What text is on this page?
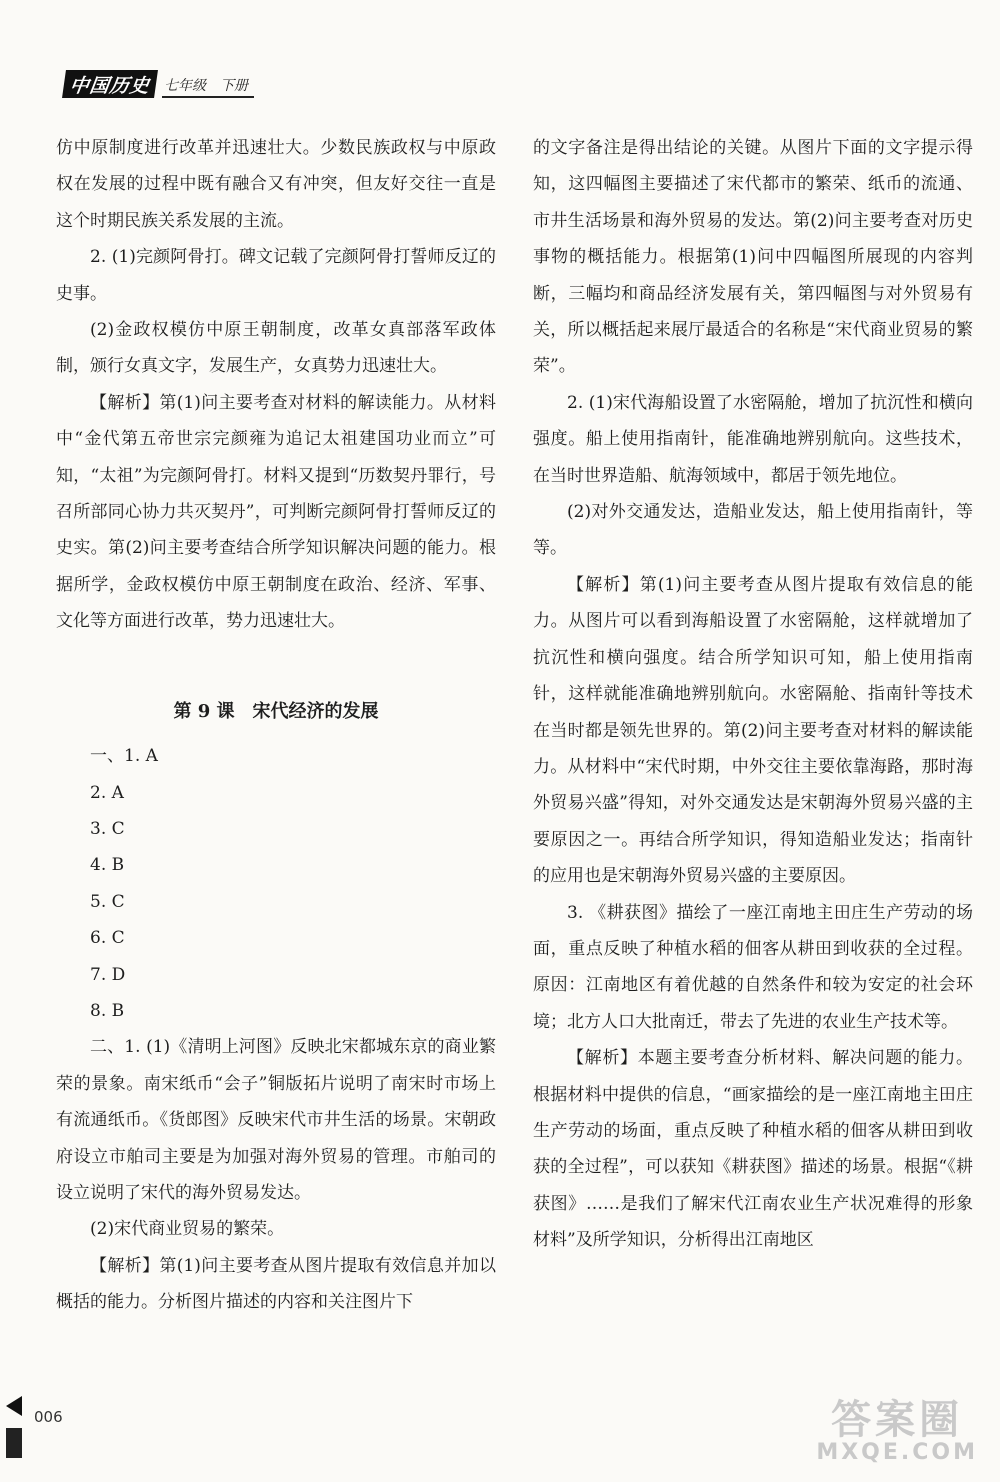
中国历史 七年级　下册

仿中原制度进行改革并迅速壮大。少数民族政权与中原政权在发展的过程中既有融合又有冲突，但友好交往一直是这个时期民族关系发展的主流。

2. (1)完颜阿骨打。碑文记载了完颜阿骨打誓师反辽的史事。

(2)金政权模仿中原王朝制度，改革女真部落军政体制，颁行女真文字，发展生产，女真势力迅速壮大。

【解析】第(1)问主要考查对材料的解读能力。从材料中“金代第五帝世宗完颜雍为追记太祖建国功业而立”可知，“太祖”为完颜阿骨打。材料又提到“历数契丹罪行，号召所部同心协力共灭契丹”，可判断完颜阿骨打誓师反辽的史实。第(2)问主要考查结合所学知识解决问题的能力。根据所学，金政权模仿中原王朝制度在政治、经济、军事、文化等方面进行改革，势力迅速壮大。

第 9 课　宋代经济的发展

一、1. A

2. A

3. C

4. B

5. C

6. C

7. D

8. B

二、1. (1)《清明上河图》反映北宋都城东京的商业繁荣的景象。南宋纸币“会子”铜版拓片说明了南宋时市场上有流通纸币。《货郎图》反映宋代市井生活的场景。宋朝政府设立市舶司主要是为加强对海外贸易的管理。市舶司的设立说明了宋代的海外贸易发达。

(2)宋代商业贸易的繁荣。

【解析】第(1)问主要考查从图片提取有效信息并加以概括的能力。分析图片描述的内容和关注图片下

的文字备注是得出结论的关键。从图片下面的文字提示得知，这四幅图主要描述了宋代都市的繁荣、纸币的流通、市井生活场景和海外贸易的发达。第(2)问主要考查对历史事物的概括能力。根据第(1)问中四幅图所展现的内容判断，三幅均和商品经济发展有关，第四幅图与对外贸易有关，所以概括起来展厅最适合的名称是“宋代商业贸易的繁荣”。

2. (1)宋代海船设置了水密隔舱，增加了抗沉性和横向强度。船上使用指南针，能准确地辨别航向。这些技术，在当时世界造船、航海领域中，都居于领先地位。

(2)对外交通发达，造船业发达，船上使用指南针，等等。

【解析】第(1)问主要考查从图片提取有效信息的能力。从图片可以看到海船设置了水密隔舱，这样就增加了抗沉性和横向强度。结合所学知识可知，船上使用指南针，这样就能准确地辨别航向。水密隔舱、指南针等技术在当时都是领先世界的。第(2)问主要考查对材料的解读能力。从材料中“宋代时期，中外交往主要依靠海路，那时海外贸易兴盛”得知，对外交通发达是宋朝海外贸易兴盛的主要原因之一。再结合所学知识，得知造船业发达；指南针的应用也是宋朝海外贸易兴盛的主要原因。

3. 《耕获图》描绘了一座江南地主田庄生产劳动的场面，重点反映了种植水稻的佃客从耕田到收获的全过程。原因：江南地区有着优越的自然条件和较为安定的社会环境；北方人口大批南迁，带去了先进的农业生产技术等。

【解析】本题主要考查分析材料、解决问题的能力。根据材料中提供的信息，“画家描绘的是一座江南地主田庄生产劳动的场面，重点反映了种植水稻的佃客从耕田到收获的全过程”，可以获知《耕获图》描述的场景。根据“《耕获图》……是我们了解宋代江南农业生产状况难得的形象材料”及所学知识，分析得出江南地区

006	答案圈
MXQE.COM
